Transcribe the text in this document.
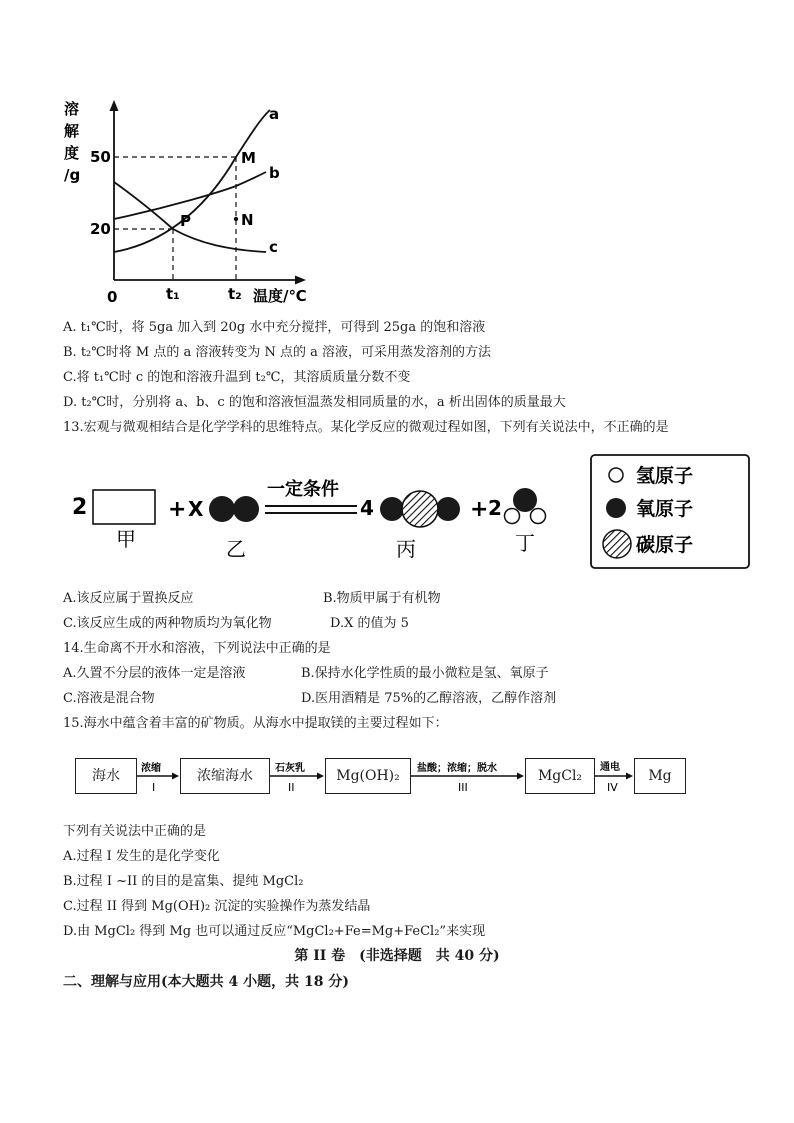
溶
解
度
/g
M
N
P
a
b
c
50
20
0	t₁	t₂ 温度/℃
A. t₁℃时，将 5ga 加入到 20g 水中充分搅拌，可得到 25ga 的饱和溶液
B. t₂℃时将 M 点的 a 溶液转变为 N 点的 a 溶液，可采用蒸发溶剂的方法
C.将 t₁℃时 c 的饱和溶液升温到 t₂℃，其溶质质量分数不变
D. t₂℃时，分别将 a、b、c 的饱和溶液恒温蒸发相同质量的水，a 析出固体的质量最大
13.宏观与微观相结合是化学学科的思维特点。某化学反应的微观过程如图，下列有关说法中，不正确的是
2
甲
+ X
乙
一定条件
4
丙
+ 2
丁
氢原子
氧原子
碳原子
A.该反应属于置换反应	B.物质甲属于有机物
C.该反应生成的两种物质均为氧化物	D.X 的值为 5
14.生命离不开水和溶液，下列说法中正确的是
A.久置不分层的液体一定是溶液	B.保持水化学性质的最小微粒是氢、氧原子
C.溶液是混合物	D.医用酒精是 75%的乙醇溶液，乙醇作溶剂
15.海水中蕴含着丰富的矿物质。从海水中提取镁的主要过程如下：
海水	浓缩海水	Mg(OH)₂	MgCl₂	Mg
浓缩
I
石灰乳
II
盐酸；浓缩；脱水
III
通电
IV
下列有关说法中正确的是
A.过程 I 发生的是化学变化
B.过程 I ~II 的目的是富集、提纯 MgCl₂
C.过程 II 得到 Mg(OH)₂ 沉淀的实验操作为蒸发结晶
D.由 MgCl₂ 得到 Mg 也可以通过反应“MgCl₂+Fe=Mg+FeCl₂”来实现
第 II 卷　(非选择题　共 40 分)
二、理解与应用(本大题共 4 小题，共 18 分)
